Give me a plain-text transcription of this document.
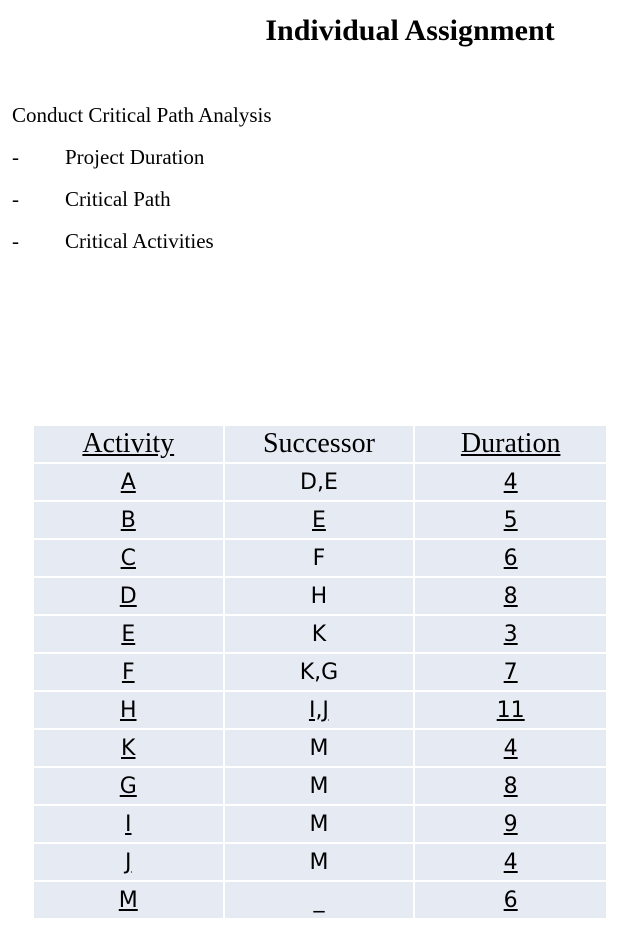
Individual Assignment
Conduct Critical Path Analysis
- Project Duration
- Critical Path
- Critical Activities
Activity	Successor	Duration
A	D,E	4
B	E	5
C	F	6
D	H	8
E	K	3
F	K,G	7
H	I,J	11
K	M	4
G	M	8
I	M	9
J	M	4
M	_	6
